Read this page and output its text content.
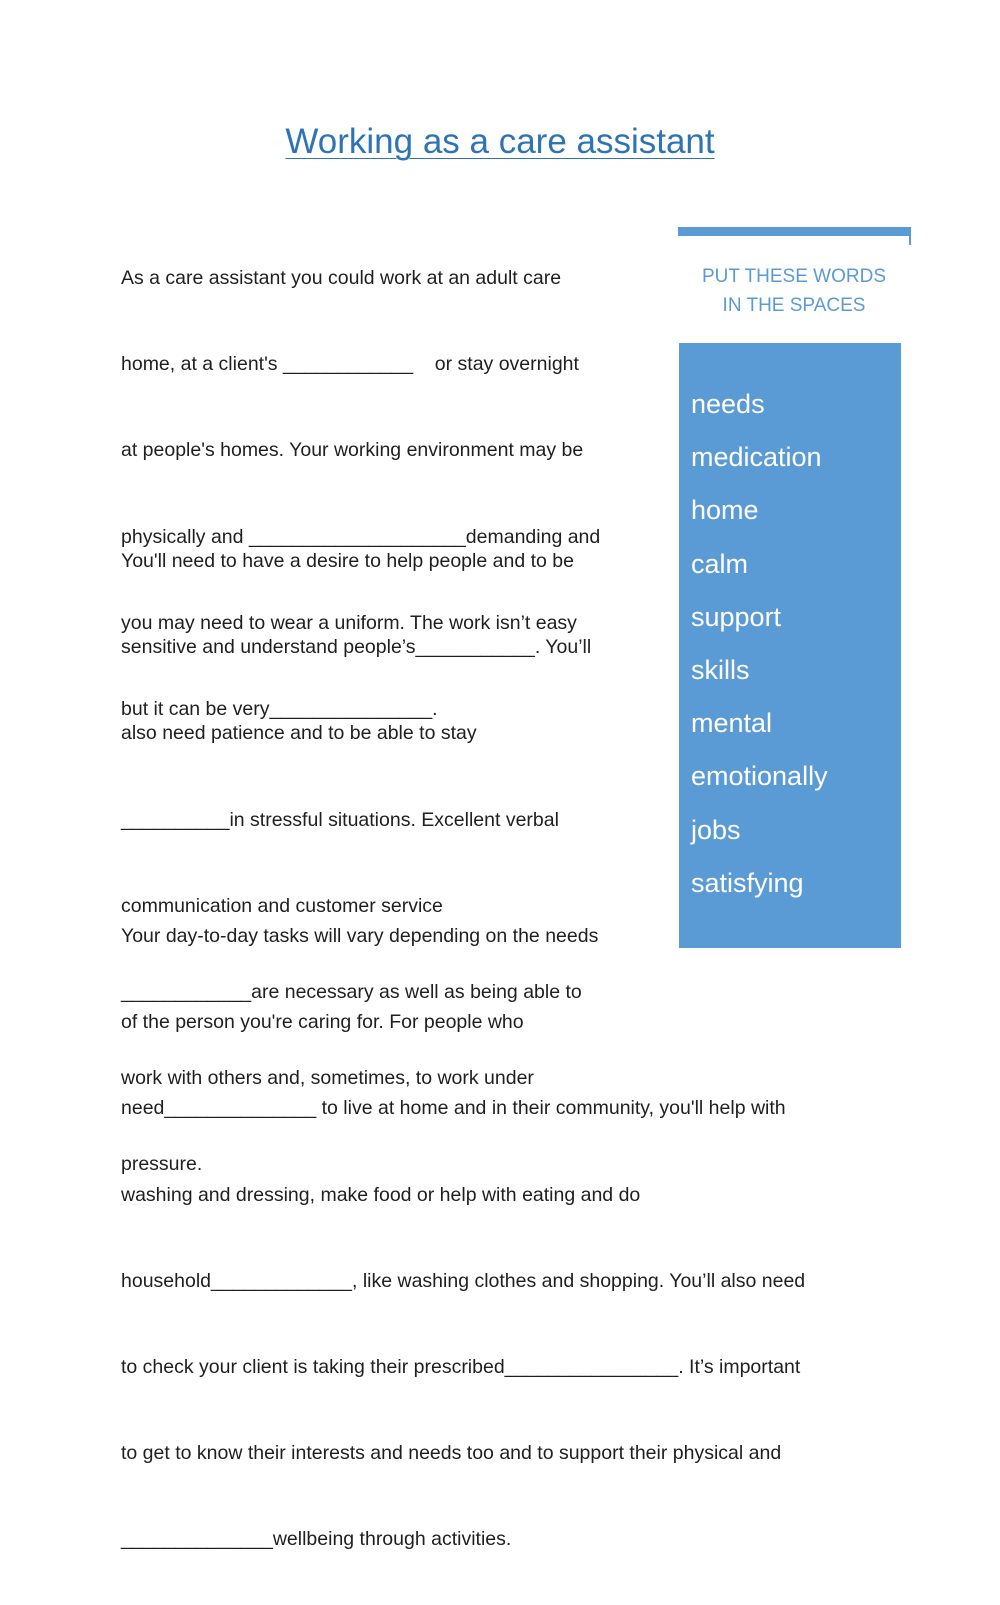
Working as a care assistant

As a care assistant you could work at an adult care

home, at a client's ____________    or stay overnight

at people's homes. Your working environment may be

physically and ____________________demanding and

you may need to wear a uniform. The work isn’t easy

but it can be very_______________.

You'll need to have a desire to help people and to be

sensitive and understand people’s___________. You’ll

also need patience and to be able to stay

__________in stressful situations. Excellent verbal

communication and customer service

____________are necessary as well as being able to

work with others and, sometimes, to work under

pressure.

Your day-to-day tasks will vary depending on the needs

of the person you're caring for. For people who

need______________ to live at home and in their community, you'll help with

washing and dressing, make food or help with eating and do

household_____________, like washing clothes and shopping. You’ll also need

to check your client is taking their prescribed________________. It’s important

to get to know their interests and needs too and to support their physical and

______________wellbeing through activities.

PUT THESE WORDS
IN THE SPACES
needs
medication
home
calm
support
skills
mental
emotionally
jobs
satisfying
